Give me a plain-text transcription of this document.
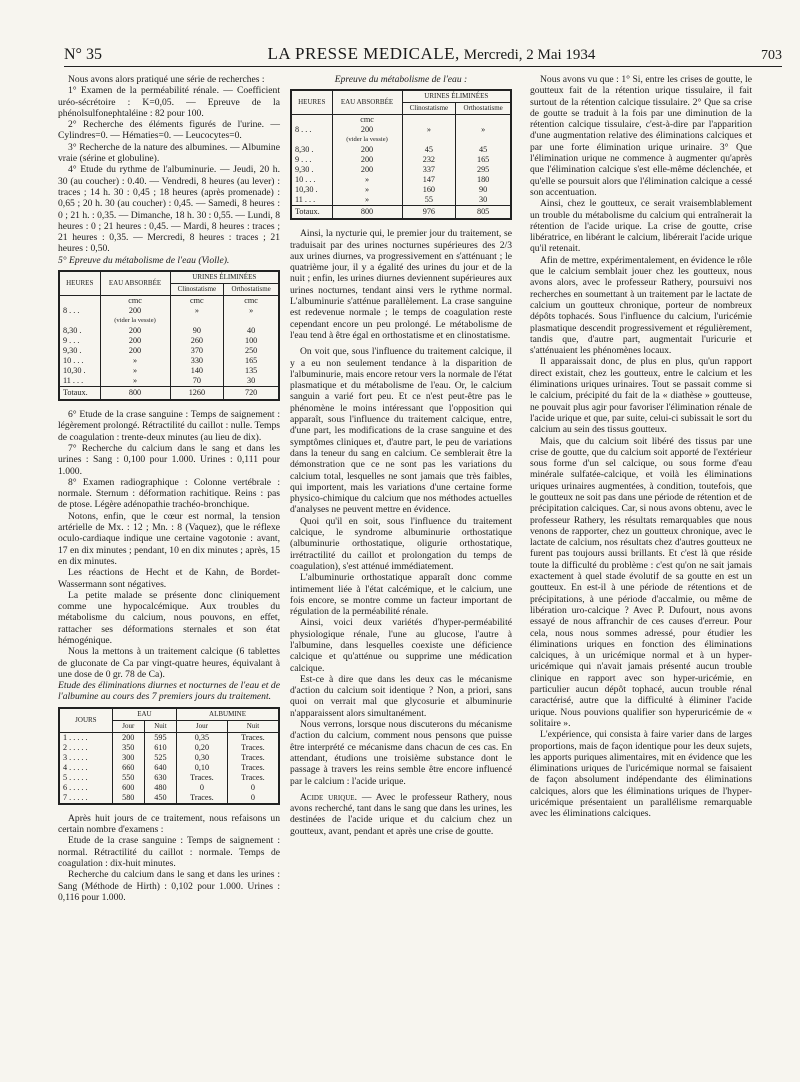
N° 35	LA PRESSE MEDICALE, Mercredi, 2 Mai 1934	703

Nous avons alors pratiqué une série de recherches :

1° Examen de la perméabilité rénale. — Coefficient uréo-sécrétoire : K=0,05. — Epreuve de la phénolsulfonephtaléine : 82 pour 100.

2° Recherche des éléments figurés de l'urine. — Cylindres=0. — Hématies=0. — Leucocytes=0.

3° Recherche de la nature des albumines. — Albumine vraie (sérine et globuline).

4° Etude du rythme de l'albuminurie. — Jeudi, 20 h. 30 (au coucher) : 0.40. — Vendredi, 8 heures (au lever) : traces ; 14 h. 30 : 0,45 ; 18 heures (après promenade) : 0,65 ; 20 h. 30 (au coucher) : 0,45. — Samedi, 8 heures : 0 ; 21 h. : 0,35. — Dimanche, 18 h. 30 : 0,55. — Lundi, 8 heures : 0 ; 21 heures : 0,45. — Mardi, 8 heures : traces ; 21 heures : 0,35. — Mercredi, 8 heures : traces ; 21 heures : 0,50.

5° Epreuve du métabolisme de l'eau (Violle).

HEURES	EAU ABSORBÉE	URINES ÉLIMINÉES	
		Clinostatisme	Orthostatisme
	cmc	cmc	cmc
8 . . .	200	»	»
	(vider la vessie)		
8,30 .	200	90	40
9 . . .	200	260	100
9,30 .	200	370	250
10 . . .	»	330	165
10,30 .	»	140	135
11 . . .	»	70	30
Totaux.	800	1260	720

6° Etude de la crase sanguine : Temps de saignement : légèrement prolongé. Rétractilité du caillot : nulle. Temps de coagulation : trente-deux minutes (au lieu de dix).

7° Recherche du calcium dans le sang et dans les urines : Sang : 0,100 pour 1.000. Urines : 0,111 pour 1.000.

8° Examen radiographique : Colonne vertébrale : normale. Sternum : déformation rachitique. Reins : pas de ptose. Légère adénopathie trachéo-bronchique.

Notons, enfin, que le cœur est normal, la tension artérielle de Mx. : 12 ; Mn. : 8 (Vaquez), que le réflexe oculo-cardiaque indique une certaine vagotonie : avant, 17 en dix minutes ; pendant, 10 en dix minutes ; après, 15 en dix minutes.

Les réactions de Hecht et de Kahn, de Bordet-Wassermann sont négatives.

La petite malade se présente donc cliniquement comme une hypocalcémique. Aux troubles du métabolisme du calcium, nous pouvons, en effet, rattacher ses déformations sternales et son état hémogénique.

Nous la mettons à un traitement calcique (6 tablettes de gluconate de Ca par vingt-quatre heures, équivalant à une dose de 0 gr. 78 de Ca).

Etude des éliminations diurnes et nocturnes de l'eau et de l'albumine au cours des 7 premiers jours du traitement.

JOURS	EAU		ALBUMINE	
	Jour	Nuit	Jour	Nuit
1 . . . . .	200	595	0,35	Traces.
2 . . . . .	350	610	0,20	Traces.
3 . . . . .	300	525	0,30	Traces.
4 . . . . .	660	640	0,10	Traces.
5 . . . . .	550	630	Traces.	Traces.
6 . . . . .	600	480	0	0
7 . . . . .	580	450	Traces.	0

Après huit jours de ce traitement, nous refaisons un certain nombre d'examens :

Etude de la crase sanguine : Temps de saignement : normal. Rétractilité du caillot : normale. Temps de coagulation : dix-huit minutes.

Recherche du calcium dans le sang et dans les urines : Sang (Méthode de Hirth) : 0,102 pour 1.000. Urines : 0,116 pour 1.000.

Epreuve du métabolisme de l'eau :

HEURES	EAU ABSORBÉE	URINES ÉLIMINÉES	
		Clinostatisme	Orthostatisme
	cmc		
8 . . .	200	»	»
	(vider la vessie)		
8,30 .	200	45	45
9 . . .	200	232	165
9,30 .	200	337	295
10 . . .	»	147	180
10,30 .	»	160	90
11 . . .	»	55	30
Totaux.	800	976	805

Ainsi, la nycturie qui, le premier jour du traitement, se traduisait par des urines nocturnes supérieures des 2/3 aux urines diurnes, va progressivement en s'atténuant ; le quatrième jour, il y a égalité des urines du jour et de la nuit ; enfin, les urines diurnes deviennent supérieures aux urines nocturnes, tendant ainsi vers le rythme normal. L'albuminurie s'atténue parallèlement. La crase sanguine est redevenue normale ; le temps de coagulation reste cependant encore un peu prolongé. Le métabolisme de l'eau tend à être égal en orthostatisme et en clinostatisme.

On voit que, sous l'influence du traitement calcique, il y a eu non seulement tendance à la disparition de l'albuminurie, mais encore retour vers la normale de l'état plasmatique et du métabolisme de l'eau. Or, le calcium sanguin a varié fort peu. Et ce n'est peut-être pas le phénomène le moins intéressant que l'opposition qui apparaît, sous l'influence du traitement calcique, entre, d'une part, les modifications de la crase sanguine et des symptômes cliniques et, d'autre part, le peu de variations dans la teneur du sang en calcium. Ce semblerait être la démonstration que ce ne sont pas les variations du calcium total, lesquelles ne sont jamais que très faibles, qui importent, mais les variations d'une certaine forme physico-chimique du calcium que nos méthodes actuelles d'analyses ne peuvent mettre en évidence.

Quoi qu'il en soit, sous l'influence du traitement calcique, le syndrome albuminurie orthostatique (albuminurie orthostatique, oligurie orthostatique, irrétractilité du caillot et prolongation du temps de coagulation), s'est atténué immédiatement.

L'albuminurie orthostatique apparaît donc comme intimement liée à l'état calcémique, et le calcium, une fois encore, se montre comme un facteur important de régulation de la perméabilité rénale.

Ainsi, voici deux variétés d'hyper-perméabilité physiologique rénale, l'une au glucose, l'autre à l'albumine, dans lesquelles coexiste une déficience calcique et qu'atténue ou supprime une médication calcique.

Est-ce à dire que dans les deux cas le mécanisme d'action du calcium soit identique ? Non, a priori, sans quoi on verrait mal que glycosurie et albuminurie n'apparaissent alors simultanément.

Nous verrons, lorsque nous discuterons du mécanisme d'action du calcium, comment nous pensons que puisse être interprété ce mécanisme dans chacun de ces cas. En attendant, étudions une troisième substance dont le passage à travers les reins semble être encore influencé par le calcium : l'acide urique.

Acide urique. — Avec le professeur Rathery, nous avons recherché, tant dans le sang que dans les urines, les destinées de l'acide urique et du calcium chez un goutteux, avant, pendant et après une crise de goutte.

Nous avons vu que : 1° Si, entre les crises de goutte, le goutteux fait de la rétention urique tissulaire, il fait surtout de la rétention calcique tissulaire. 2° Que sa crise de goutte se traduit à la fois par une diminution de la rétention calcique tissulaire, c'est-à-dire par l'apparition d'une augmentation relative des éliminations calciques et par une forte élimination urique urinaire. 3° Que l'élimination urique ne commence à augmenter qu'après que l'élimination calcique s'est elle-même déclenchée, et qu'elle se poursuit alors que l'élimination calcique a cessé son accentuation.

Ainsi, chez le goutteux, ce serait vraisemblablement un trouble du métabolisme du calcium qui entraînerait la rétention de l'acide urique. La crise de goutte, crise libératrice, en libérant le calcium, libérerait l'acide urique qu'il retenait.

Afin de mettre, expérimentalement, en évidence le rôle que le calcium semblait jouer chez les goutteux, nous avons alors, avec le professeur Rathery, poursuivi nos recherches en soumettant à un traitement par le lactate de calcium un goutteux chronique, porteur de nombreux dépôts tophacés. Sous l'influence du calcium, l'uricémie plasmatique descendit progressivement et régulièrement, tandis que, d'autre part, augmentait l'uricurie et s'atténuaient les phénomènes locaux.

Il apparaissait donc, de plus en plus, qu'un rapport direct existait, chez les goutteux, entre le calcium et les éliminations uriques urinaires. Tout se passait comme si le calcium, précipité du fait de la « diathèse » goutteuse, ne pouvait plus agir pour favoriser l'élimination rénale de l'acide urique et que, par suite, celui-ci subissait le sort du calcium au sein des tissus goutteux.

Mais, que du calcium soit libéré des tissus par une crise de goutte, que du calcium soit apporté de l'extérieur sous forme d'un sel calcique, ou sous forme d'eau minérale sulfatée-calcique, et voilà les éliminations uriques urinaires augmentées, à condition, toutefois, que le goutteux ne soit pas dans une période de rétention et de précipitation calciques. Car, si nous avons obtenu, avec le professeur Rathery, les résultats remarquables que nous venons de rapporter, chez un goutteux chronique, avec le lactate de calcium, nos résultats chez d'autres goutteux ne furent pas toujours aussi brillants. Et c'est là que réside toute la difficulté du problème : c'est qu'on ne sait jamais exactement à quel stade évolutif de sa goutte en est un goutteux. En est-il à une période de rétentions et de précipitations, à une période d'accalmie, ou même de libération uro-calcique ? Avec P. Dufourt, nous avons essayé de nous affranchir de ces causes d'erreur. Pour cela, nous nous sommes adressé, pour étudier les éliminations uriques en fonction des éliminations calciques, à un uricémique normal et à un hyper-uricémique qui n'avait jamais présenté aucun trouble clinique en rapport avec son hyper-uricémie, en particulier aucun dépôt tophacé, aucun trouble rénal caractérisé, autre que la difficulté à éliminer l'acide urique. Nous pouvions qualifier son hyperuricémie de « solitaire ».

L'expérience, qui consista à faire varier dans de larges proportions, mais de façon identique pour les deux sujets, les apports puriques alimentaires, mit en évidence que les éliminations uriques de l'uricémique normal se faisaient de façon absolument indépendante des éliminations calciques, alors que les éliminations uriques de l'hyper-uricémique présentaient un parallélisme remarquable avec les éliminations calciques.
